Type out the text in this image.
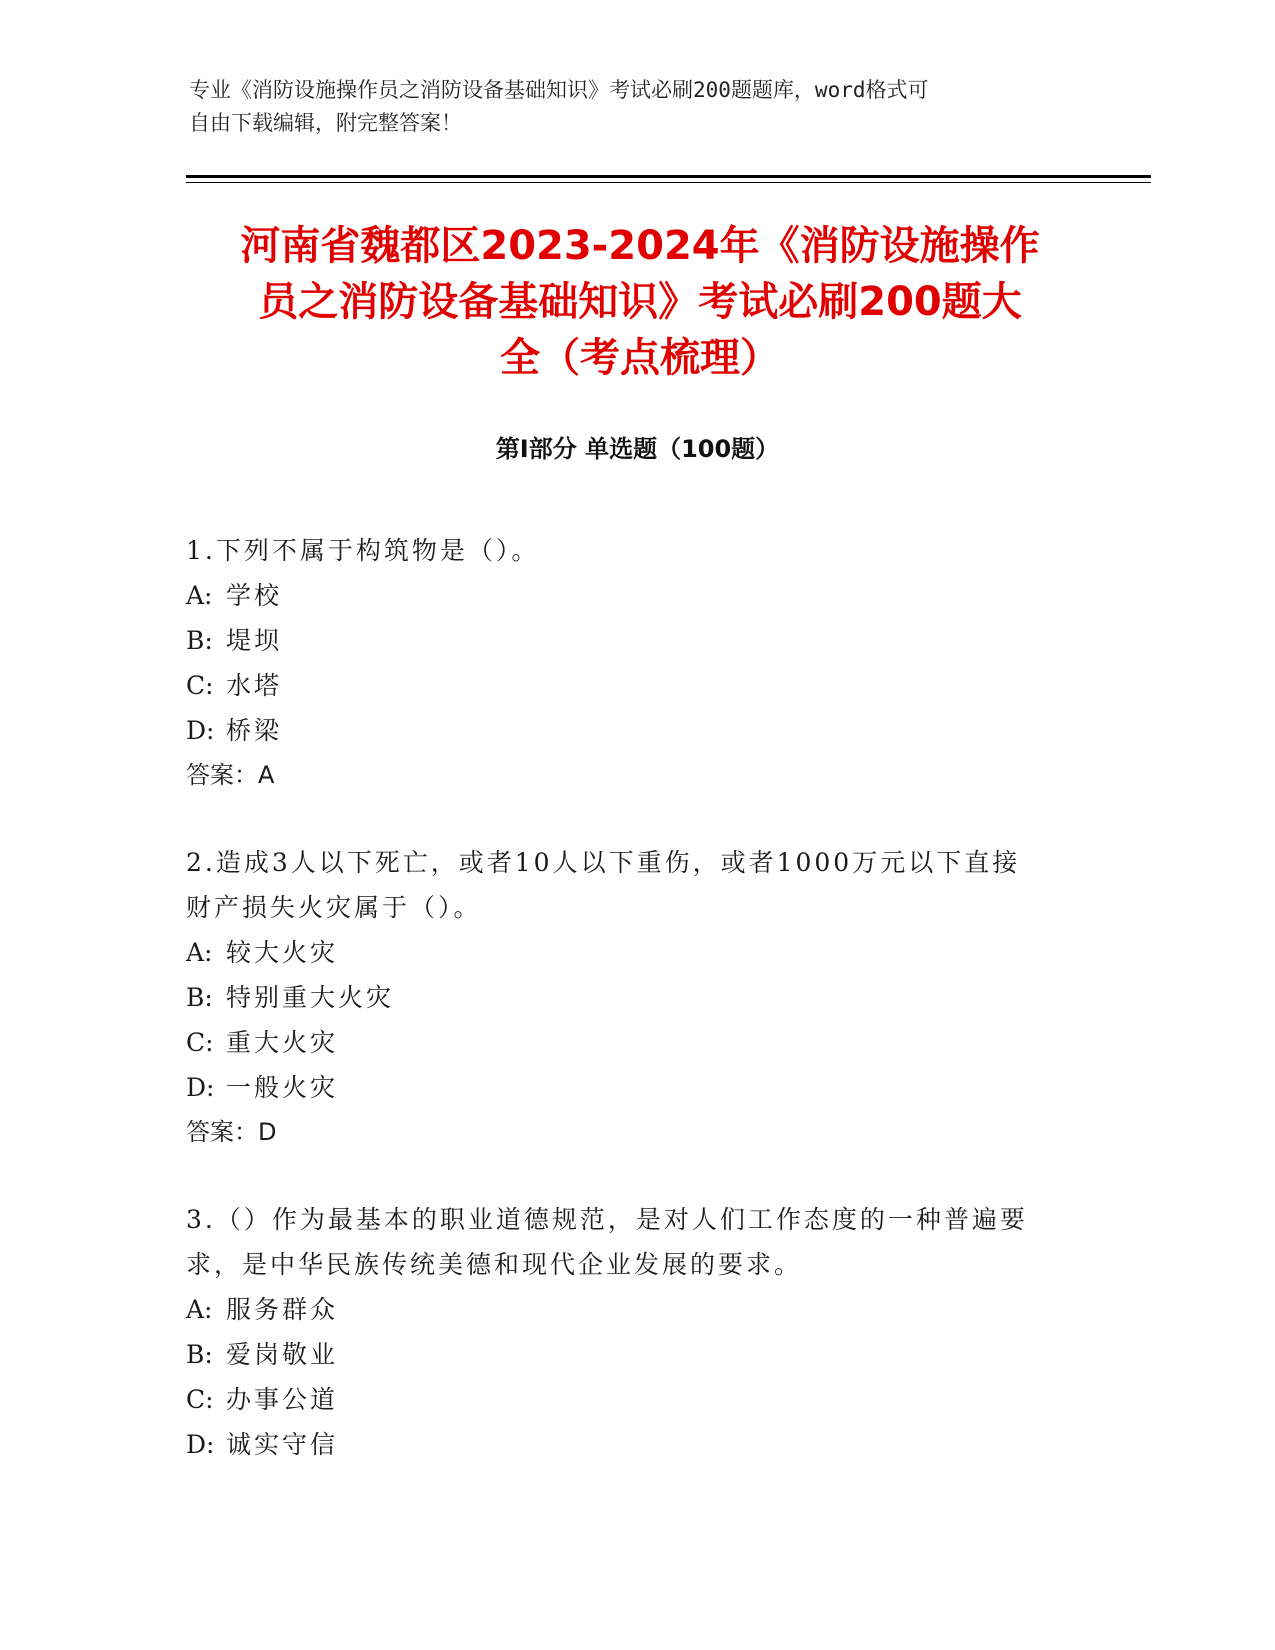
专业《消防设施操作员之消防设备基础知识》考试必刷200题题库，word格式可
自由下载编辑，附完整答案！
河南省魏都区2023-2024年《消防设施操作
员之消防设备基础知识》考试必刷200题大
全（考点梳理）
第Ⅰ部分 单选题（100题）
1.下列不属于构筑物是（）。
A: 学校
B: 堤坝
C: 水塔
D: 桥梁
答案：A
2.造成3人以下死亡，或者10人以下重伤，或者1000万元以下直接
财产损失火灾属于（）。
A: 较大火灾
B: 特别重大火灾
C: 重大火灾
D: 一般火灾
答案：D
3.（）作为最基本的职业道德规范，是对人们工作态度的一种普遍要
求，是中华民族传统美德和现代企业发展的要求。
A: 服务群众
B: 爱岗敬业
C: 办事公道
D: 诚实守信
